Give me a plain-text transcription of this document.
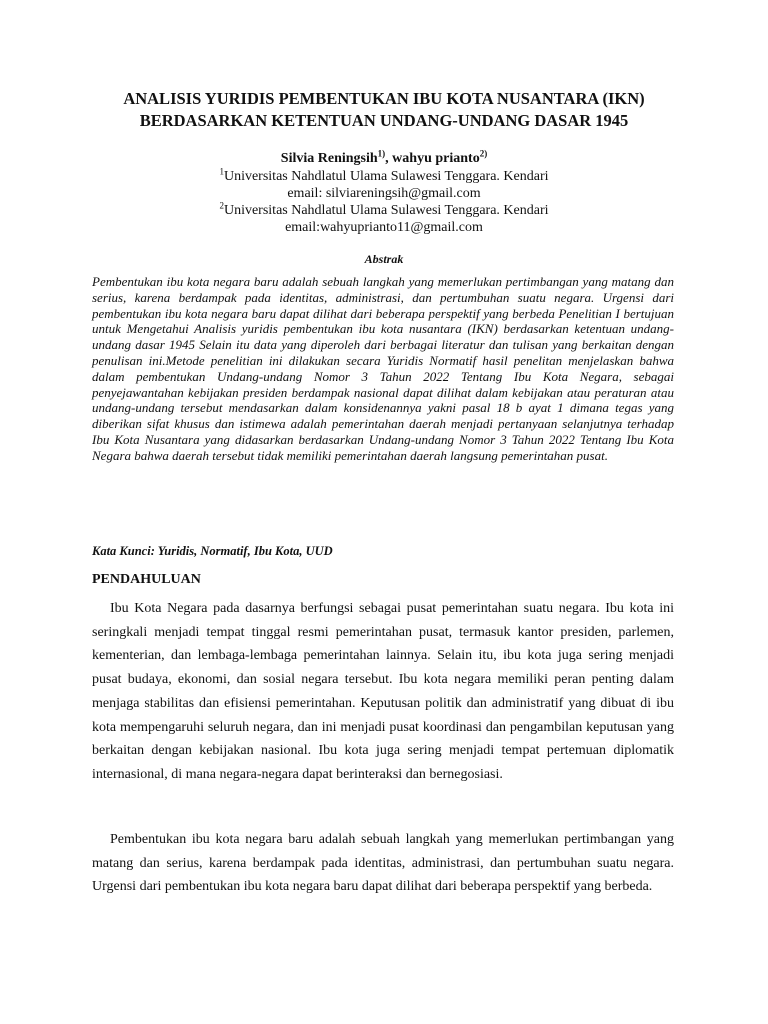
ANALISIS YURIDIS PEMBENTUKAN IBU KOTA NUSANTARA (IKN)
BERDASARKAN KETENTUAN UNDANG-UNDANG DASAR 1945
Silvia Reningsih$^{1)}$, wahyu prianto$^{2)}$
$^1$Universitas Nahdlatul Ulama Sulawesi Tenggara. Kendari
email: silviareningsih@gmail.com
$^2$Universitas Nahdlatul Ulama Sulawesi Tenggara. Kendari
email:wahyuprianto11@gmail.com
Abstrak
Pembentukan ibu kota negara baru adalah sebuah langkah yang memerlukan pertimbangan yang matang dan serius, karena berdampak pada identitas, administrasi, dan pertumbuhan suatu negara. Urgensi dari pembentukan ibu kota negara baru dapat dilihat dari beberapa perspektif yang berbeda Penelitian I bertujuan untuk Mengetahui Analisis yuridis pembentukan ibu kota nusantara (IKN) berdasarkan ketentuan undang-undang dasar 1945 Selain itu data yang diperoleh dari berbagai literatur dan tulisan yang berkaitan dengan penulisan ini.Metode penelitian ini dilakukan secara Yuridis Normatif hasil penelitan menjelaskan bahwa dalam pembentukan Undang-undang Nomor 3 Tahun 2022 Tentang Ibu Kota Negara, sebagai penyejawantahan kebijakan presiden berdampak nasional dapat dilihat dalam kebijakan atau peraturan atau undang-undang tersebut mendasarkan dalam konsidenannya yakni pasal 18 b ayat 1 dimana tegas yang diberikan sifat khusus dan istimewa adalah pemerintahan daerah menjadi pertanyaan selanjutnya terhadap Ibu Kota Nusantara yang didasarkan berdasarkan Undang-undang Nomor 3 Tahun 2022 Tentang Ibu Kota Negara bahwa daerah tersebut tidak memiliki pemerintahan daerah langsung pemerintahan pusat.
Kata Kunci: Yuridis, Normatif, Ibu Kota, UUD
PENDAHULUAN
Ibu Kota Negara pada dasarnya berfungsi sebagai pusat pemerintahan suatu negara. Ibu kota ini seringkali menjadi tempat tinggal resmi pemerintahan pusat, termasuk kantor presiden, parlemen, kementerian, dan lembaga-lembaga pemerintahan lainnya. Selain itu, ibu kota juga sering menjadi pusat budaya, ekonomi, dan sosial negara tersebut. Ibu kota negara memiliki peran penting dalam menjaga stabilitas dan efisiensi pemerintahan. Keputusan politik dan administratif yang dibuat di ibu kota mempengaruhi seluruh negara, dan ini menjadi pusat koordinasi dan pengambilan keputusan yang berkaitan dengan kebijakan nasional. Ibu kota juga sering menjadi tempat pertemuan diplomatik internasional, di mana negara-negara dapat berinteraksi dan bernegosiasi.
Pembentukan ibu kota negara baru adalah sebuah langkah yang memerlukan pertimbangan yang matang dan serius, karena berdampak pada identitas, administrasi, dan pertumbuhan suatu negara. Urgensi dari pembentukan ibu kota negara baru dapat dilihat dari beberapa perspektif yang berbeda.
